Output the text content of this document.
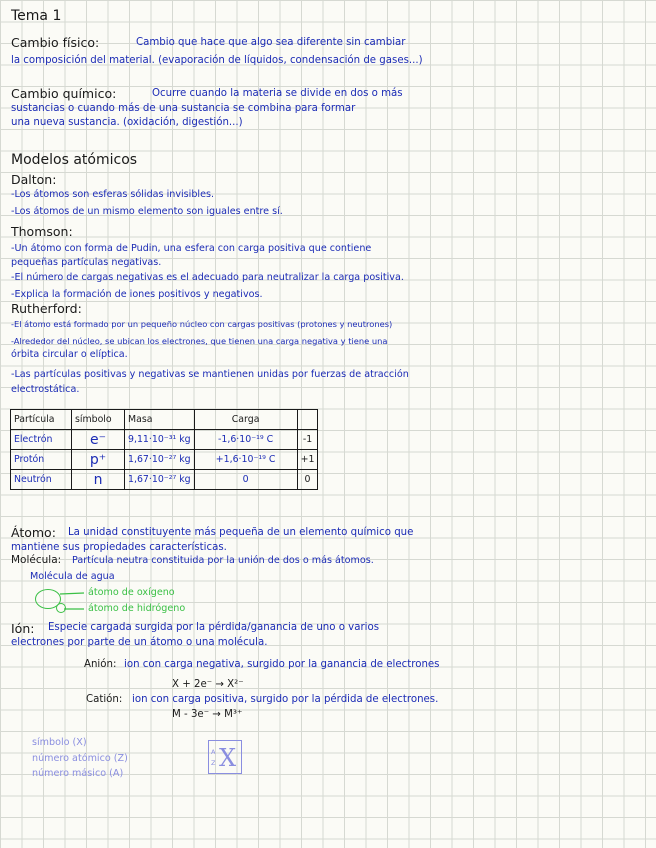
Tema 1
Cambio físico:	Cambio que hace que algo sea diferente sin cambiar
la composición del material. (evaporación de líquidos, condensación de gases...)
Cambio químico:	Ocurre cuando la materia se divide en dos o más
sustancias o cuando más de una sustancia se combina para formar
una nueva sustancia. (oxidación, digestión...)
Modelos atómicos
Dalton:
-Los átomos son esferas sólidas invisibles.
-Los átomos de un mismo elemento son iguales entre sí.
Thomson:
-Un átomo con forma de Pudin, una esfera con carga positiva que contiene
pequeñas partículas negativas.
-El número de cargas negativas es el adecuado para neutralizar la carga positiva.
-Explica la formación de iones positivos y negativos.
Rutherford:
-El átomo está formado por un pequeño núcleo con cargas positivas (protones y neutrones)
-Alrededor del núcleo, se ubican los electrones, que tienen una carga negativa y tiene una
órbita circular o elíptica.
-Las partículas positivas y negativas se mantienen unidas por fuerzas de atracción
electrostática.
Partícula	símbolo	Masa	Carga	
Electrón	e⁻	9,11·10⁻³¹ kg	-1,6·10⁻¹⁹ C	-1
Protón	p⁺	1,67·10⁻²⁷ kg	+1,6·10⁻¹⁹ C	+1
Neutrón	n	1,67·10⁻²⁷ kg	0	0
Átomo: La unidad constituyente más pequeña de un elemento químico que
mantiene sus propiedades características.
Molécula: Partícula neutra constituida por la unión de dos o más átomos.
Molécula de agua
átomo de oxígeno
átomo de hidrógeno
Ión: Especie cargada surgida por la pérdida/ganancia de uno o varios
electrones por parte de un átomo o una molécula.
Anión: ion con carga negativa, surgido por la ganancia de electrones
X + 2e⁻ → X²⁻
Catión: ion con carga positiva, surgido por la pérdida de electrones.
M - 3e⁻ → M³⁺
símbolo (X)
número atómico (Z)
número másico (A)
A
Z X
